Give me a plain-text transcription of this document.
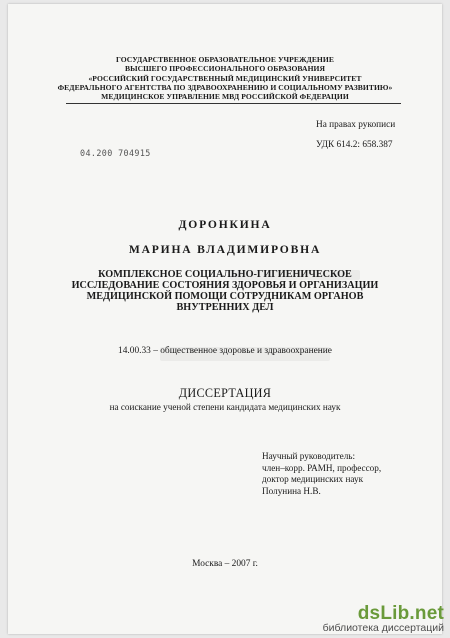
ГОСУДАРСТВЕННОЕ ОБРАЗОВАТЕЛЬНОЕ УЧРЕЖДЕНИЕ
ВЫСШЕГО ПРОФЕССИОНАЛЬНОГО ОБРАЗОВАНИЯ
«РОССИЙСКИЙ ГОСУДАРСТВЕННЫЙ МЕДИЦИНСКИЙ УНИВЕРСИТЕТ
ФЕДЕРАЛЬНОГО АГЕНТСТВА ПО ЗДРАВООХРАНЕНИЮ И СОЦИАЛЬНОМУ РАЗВИТИЮ»
МЕДИЦИНСКОЕ УПРАВЛЕНИЕ МВД РОССИЙСКОЙ ФЕДЕРАЦИИ
На правах рукописи
УДК 614.2: 658.387
04.200 704915
ДОРОНКИНА
МАРИНА ВЛАДИМИРОВНА
КОМПЛЕКСНОЕ СОЦИАЛЬНО-ГИГИЕНИЧЕСКОЕ
ИССЛЕДОВАНИЕ СОСТОЯНИЯ ЗДОРОВЬЯ И ОРГАНИЗАЦИИ
МЕДИЦИНСКОЙ ПОМОЩИ СОТРУДНИКАМ ОРГАНОВ
ВНУТРЕННИХ ДЕЛ
14.00.33 – общественное здоровье и здравоохранение
ДИССЕРТАЦИЯ
на соискание ученой степени кандидата медицинских наук
Научный руководитель:
член–корр. РАМН, профессор,
доктор медицинских наук
Полунина Н.В.
Москва – 2007 г.
dsLib.net
библиотека диссертаций
